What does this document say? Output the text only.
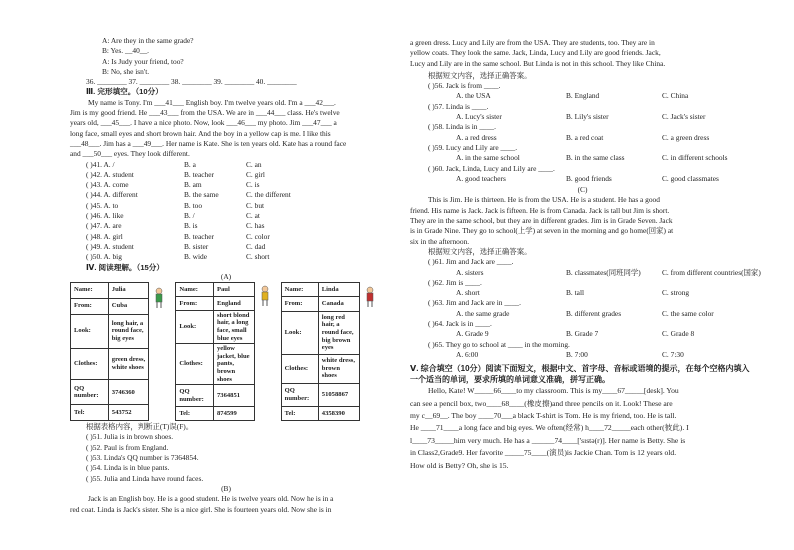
A: Are they in the same grade?

B: Yes. __40__.

A: Is Judy your friend, too?

B: No, she isn't.

36. ________ 37. ________ 38. ________ 39. ________ 40. ________

Ⅲ. 完形填空。（10分）

My name is Tony. I'm ___41___ English boy. I'm twelve years old. I'm a ___42___.

Jim is my good friend. He ___43___ from the USA. We are in ___44___ class. He's twelve

years old, ___45___. I have a nice photo. Now, look ___46___ my photo. Jim ___47___ a

long face, small eyes and short brown hair. And the boy in a yellow cap is me. I like this

___48___. Jim has a ___49___. Her name is Kate. She is ten years old. Kate has a round face

and ___50___ eyes. They look different.

( )41. A. /	B. a	C. an
( )42. A. student	B. teacher	C. girl
( )43. A. come	B. am	C. is
( )44. A. different	B. the same	C. the different
( )45. A. to	B. too	C. but
( )46. A. like	B. /	C. at
( )47. A. are	B. is	C. has
( )48. A. girl	B. teacher	C. color
( )49. A. student	B. sister	C. dad
( )50. A. big	B. wide	C. short

Ⅳ. 阅读理解。（15分）

(A)

Name:	Julia	
From:	Cuba	
Look:	long hair, a round face, big eyes	
Clothes:	green dress, white shoes	
QQ number:	3746360	
Tel:	543752	
Name:	Paul	
From:	England	
Look:	short blond hair, a long face, small blue eyes	
Clothes:	yellow jacket, blue pants, brown shoes	
QQ number:	7364851	
Tel:	874599	
Name:	Linda	
From:	Canada	
Look:	long red hair, a round face, big brown eyes	
Clothes:	white dress, brown shoes	
QQ number:	51058867	
Tel:	4358390	

根据表格内容，判断正(T)误(F)。

( )51. Julia is in brown shoes.

( )52. Paul is from England.

( )53. Linda's QQ number is 7364854.

( )54. Linda is in blue pants.

( )55. Julia and Linda have round faces.

(B)

Jack is an English boy. He is a good student. He is twelve years old. Now he is in a

red coat. Linda is Jack's sister. She is a nice girl. She is fourteen years old. Now she is in

a green dress. Lucy and Lily are from the USA. They are students, too. They are in

yellow coats. They look the same. Jack, Linda, Lucy and Lily are good friends. Jack,

Lucy and Lily are in the same school. But Linda is not in this school. They like China.

根据短文内容，选择正确答案。

( )56. Jack is from ____.

A. the USA	B. England	C. China

( )57. Linda is ____.

A. Lucy's sister	B. Lily's sister	C. Jack's sister

( )58. Linda is in ____.

A. a red dress	B. a red coat	C. a green dress

( )59. Lucy and Lily are ____.

A. in the same school	B. in the same class	C. in different schools

( )60. Jack, Linda, Lucy and Lily are ____.

A. good teachers	B. good friends	C. good classmates

(C)

This is Jim. He is thirteen. He is from the USA. He is a student. He has a good

friend. His name is Jack. Jack is fifteen. He is from Canada. Jack is tall but Jim is short.

They are in the same school, but they are in different grades. Jim is in Grade Seven. Jack

is in Grade Nine. They go to school(上学) at seven in the morning and go home(回家) at

six in the afternoon.

根据短文内容，选择正确答案。

( )61. Jim and Jack are ____.

A. sisters	B. classmates(同班同学)	C. from different countries(国家)

( )62. Jim is ____.

A. short	B. tall	C. strong

( )63. Jim and Jack are in ____.

A. the same grade	B. different grades	C. the same color

( )64. Jack is in ____.

A. Grade 9	B. Grade 7	C. Grade 8

( )65. They go to school at ____ in the morning.

A. 6:00	B. 7:00	C. 7:30

Ⅴ. 综合填空（10分）阅读下面短文，根据中文、首字母、音标或语境的提示，在每个空格内填入一个适当的单词，要求所填的单词意义准确，拼写正确。

Hello, Kate! W_____66____to my classroom. This is my____67_____[desk]. You

can see a pencil box, two____68____(橡皮擦)and three pencils on it. Look! These are

my c__69__. The boy ____70___a black T-shirt is Tom. He is my friend, too. He is tall.

He ____71____a long face and big eyes. We often(经常) h____72_____each other(彼此). I

l____73_____him very much. He has a ______74____['sɪstə(r)]. Her name is Betty. She is

in Class2,Grade9. Her favorite _____75____(演员)is Jackie Chan. Tom is 12 years old.

How old is Betty? Oh, she is 15.
